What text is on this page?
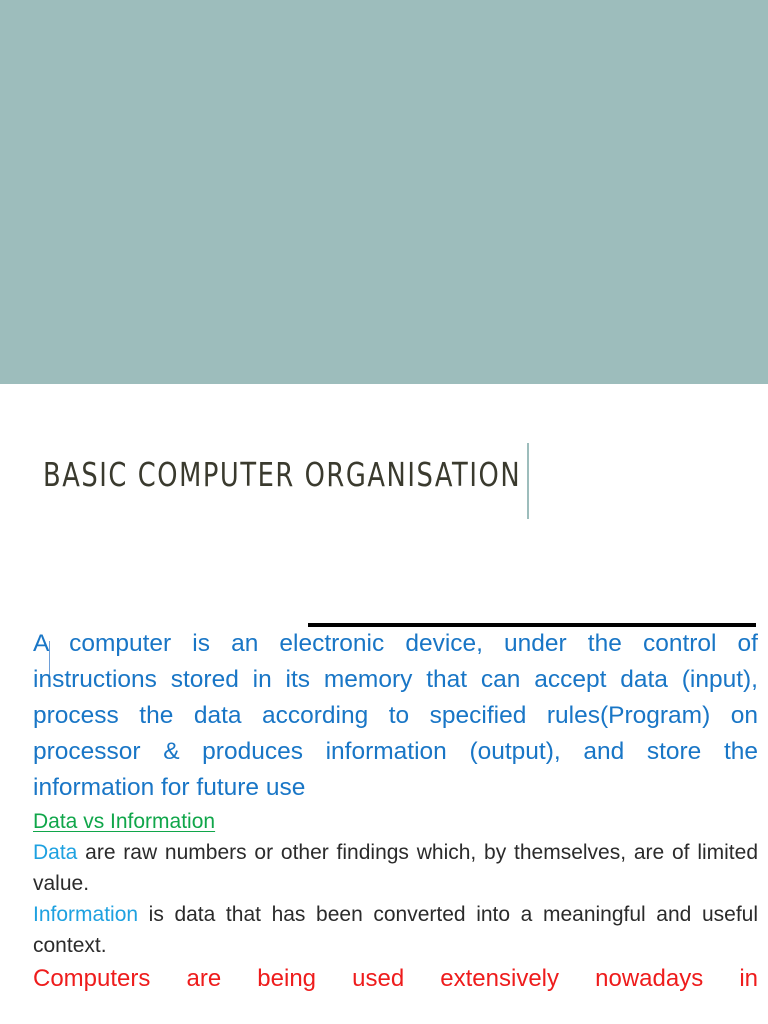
BASIC COMPUTER ORGANISATION

A computer is an electronic device, under the control of instructions stored in its memory that can accept data (input), process the data according to specified rules(Program) on processor & produces information (output), and store the information for future use

Data vs Information

Data are raw numbers or other findings which, by themselves, are of limited value.

Information is data that has been converted into a meaningful and useful context.

Computers are being used extensively nowadays in
